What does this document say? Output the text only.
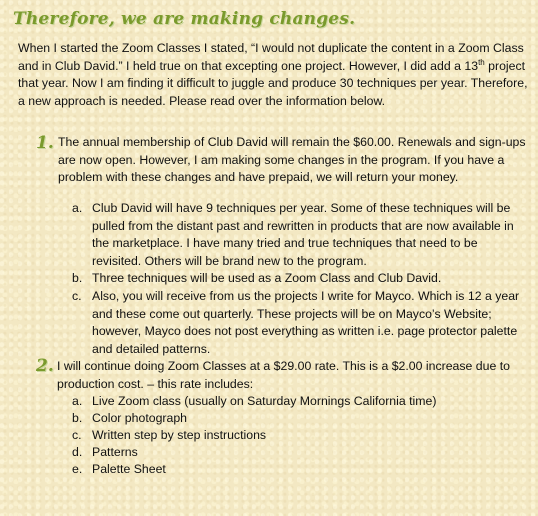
Therefore, we are making changes.
When I started the Zoom Classes I stated, “I would not duplicate the content in a Zoom Class and in Club David.” I held true on that excepting one project. However, I did add a 13th project that year. Now I am finding it difficult to juggle and produce 30 techniques per year. Therefore, a new approach is needed. Please read over the information below.
1. The annual membership of Club David will remain the $60.00. Renewals and sign-ups are now open. However, I am making some changes in the program. If you have a problem with these changes and have prepaid, we will return your money.
a. Club David will have 9 techniques per year. Some of these techniques will be pulled from the distant past and rewritten in products that are now available in the marketplace. I have many tried and true techniques that need to be revisited. Others will be brand new to the program.
b. Three techniques will be used as a Zoom Class and Club David.
c. Also, you will receive from us the projects I write for Mayco. Which is 12 a year and these come out quarterly. These projects will be on Mayco’s Website; however, Mayco does not post everything as written i.e. page protector palette and detailed patterns.
2. I will continue doing Zoom Classes at a $29.00 rate. This is a $2.00 increase due to production cost. – this rate includes:
a. Live Zoom class (usually on Saturday Mornings California time)
b. Color photograph
c. Written step by step instructions
d. Patterns
e. Palette Sheet
